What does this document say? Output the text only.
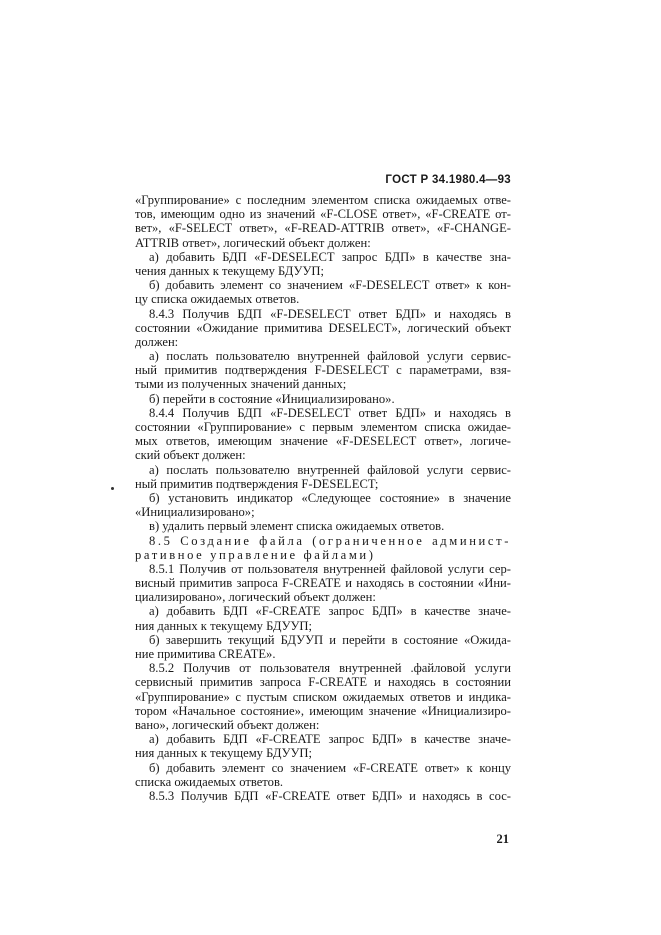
ГОСТ Р 34.1980.4—93
«Группирование» с последним элементом списка ожидаемых отве-
тов, имеющим одно из значений «F-CLOSE ответ», «F-CREATE от-
вет», «F-SELECT ответ», «F-READ-ATTRIB ответ», «F-CHANGE-
ATTRIB ответ», логический объект должен:
а) добавить БДП «F-DESELECT запрос БДП» в качестве зна-
чения данных к текущему БДУУП;
б) добавить элемент со значением «F-DESELECT ответ» к кон-
цу списка ожидаемых ответов.
8.4.3 Получив БДП «F-DESELECT ответ БДП» и находясь в
состоянии «Ожидание примитива DESELECT», логический объект
должен:
а) послать пользователю внутренней файловой услуги сервис-
ный примитив подтверждения F-DESELECT с параметрами, взя-
тыми из полученных значений данных;
б) перейти в состояние «Инициализировано».
8.4.4 Получив БДП «F-DESELECT ответ БДП» и находясь в
состоянии «Группирование» с первым элементом списка ожидае-
мых ответов, имеющим значение «F-DESELECT ответ», логиче-
ский объект должен:
а) послать пользователю внутренней файловой услуги сервис-
ный примитив подтверждения F-DESELECT;
б) установить индикатор «Следующее состояние» в значение
«Инициализировано»;
в) удалить первый элемент списка ожидаемых ответов.
8.5 Создание файла (ограниченное админист-
ративное управление файлами)
8.5.1 Получив от пользователя внутренней файловой услуги сер-
висный примитив запроса F-CREATE и находясь в состоянии «Ини-
циализировано», логический объект должен:
а) добавить БДП «F-CREATE запрос БДП» в качестве значе-
ния данных к текущему БДУУП;
б) завершить текущий БДУУП и перейти в состояние «Ожида-
ние примитива CREATE».
8.5.2 Получив от пользователя внутренней .файловой услуги
сервисный примитив запроса F-CREATE и находясь в состоянии
«Группирование» с пустым списком ожидаемых ответов и индика-
тором «Начальное состояние», имеющим значение «Инициализиро-
вано», логический объект должен:
а) добавить БДП «F-CREATE запрос БДП» в качестве значе-
ния данных к текущему БДУУП;
б) добавить элемент со значением «F-CREATE ответ» к концу
списка ожидаемых ответов.
8.5.3 Получив БДП «F-CREATE ответ БДП» и находясь в сос-
21
